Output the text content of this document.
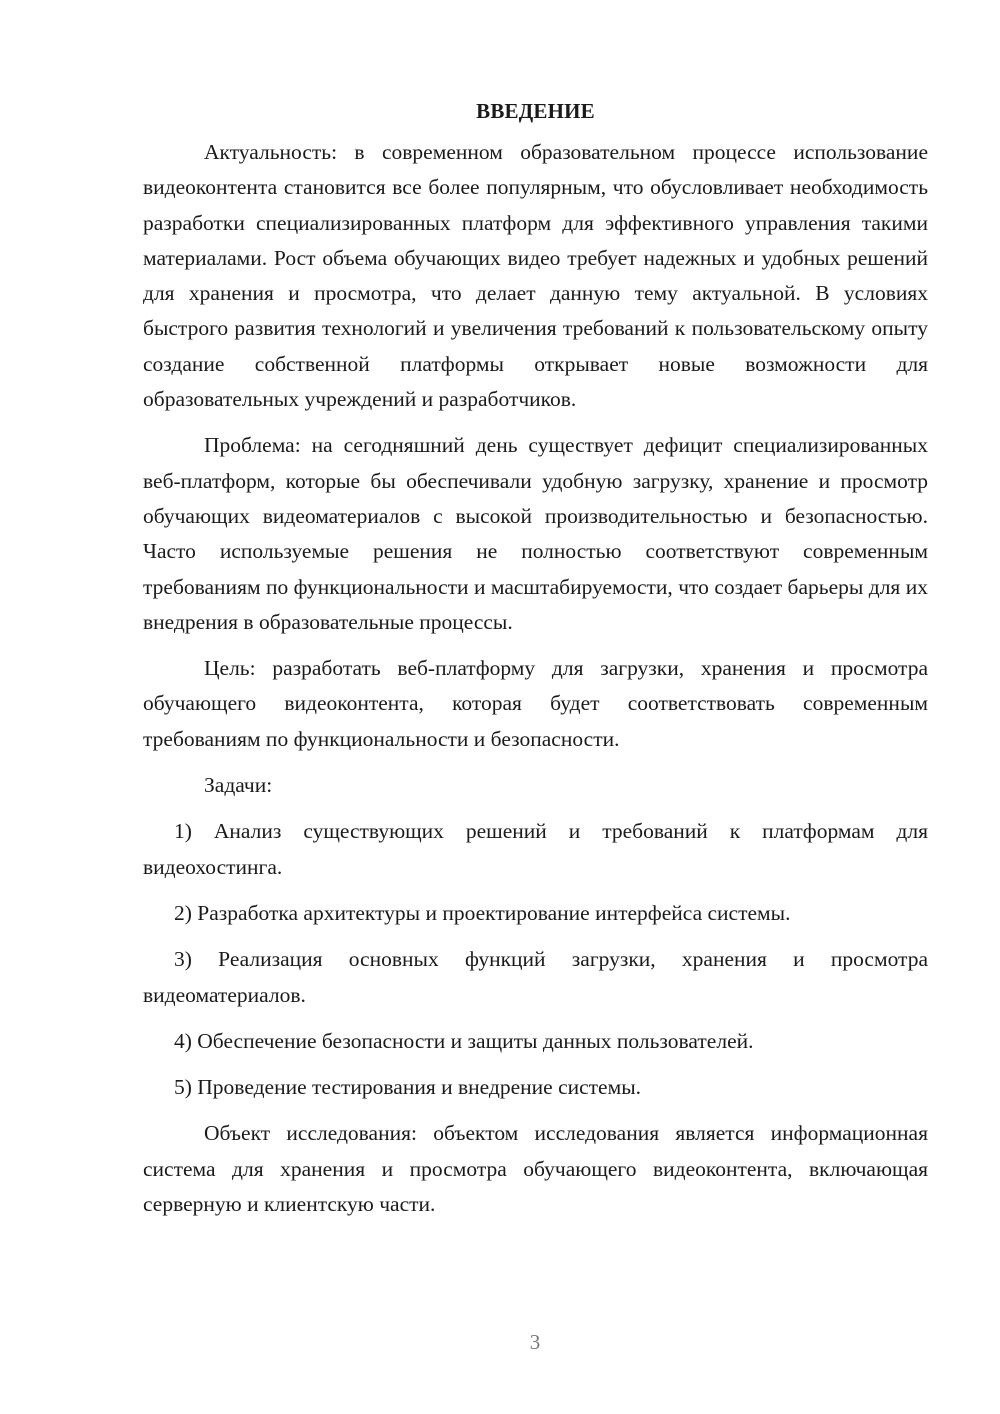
ВВЕДЕНИЕ

Актуальность: в современном образовательном процессе использование видеоконтента становится все более популярным, что обусловливает необходимость разработки специализированных платформ для эффективного управления такими материалами. Рост объема обучающих видео требует надежных и удобных решений для хранения и просмотра, что делает данную тему актуальной. В условиях быстрого развития технологий и увеличения требований к пользовательскому опыту создание собственной платформы открывает новые возможности для образовательных учреждений и разработчиков.

Проблема: на сегодняшний день существует дефицит специализированных веб-платформ, которые бы обеспечивали удобную загрузку, хранение и просмотр обучающих видеоматериалов с высокой производительностью и безопасностью. Часто используемые решения не полностью соответствуют современным требованиям по функциональности и масштабируемости, что создает барьеры для их внедрения в образовательные процессы.

Цель: разработать веб-платформу для загрузки, хранения и просмотра обучающего видеоконтента, которая будет соответствовать современным требованиям по функциональности и безопасности.

Задачи:

1) Анализ существующих решений и требований к платформам для видеохостинга.

2) Разработка архитектуры и проектирование интерфейса системы.

3) Реализация основных функций загрузки, хранения и просмотра видеоматериалов.

4) Обеспечение безопасности и защиты данных пользователей.

5) Проведение тестирования и внедрение системы.

Объект исследования: объектом исследования является информационная система для хранения и просмотра обучающего видеоконтента, включающая серверную и клиентскую части.

3
